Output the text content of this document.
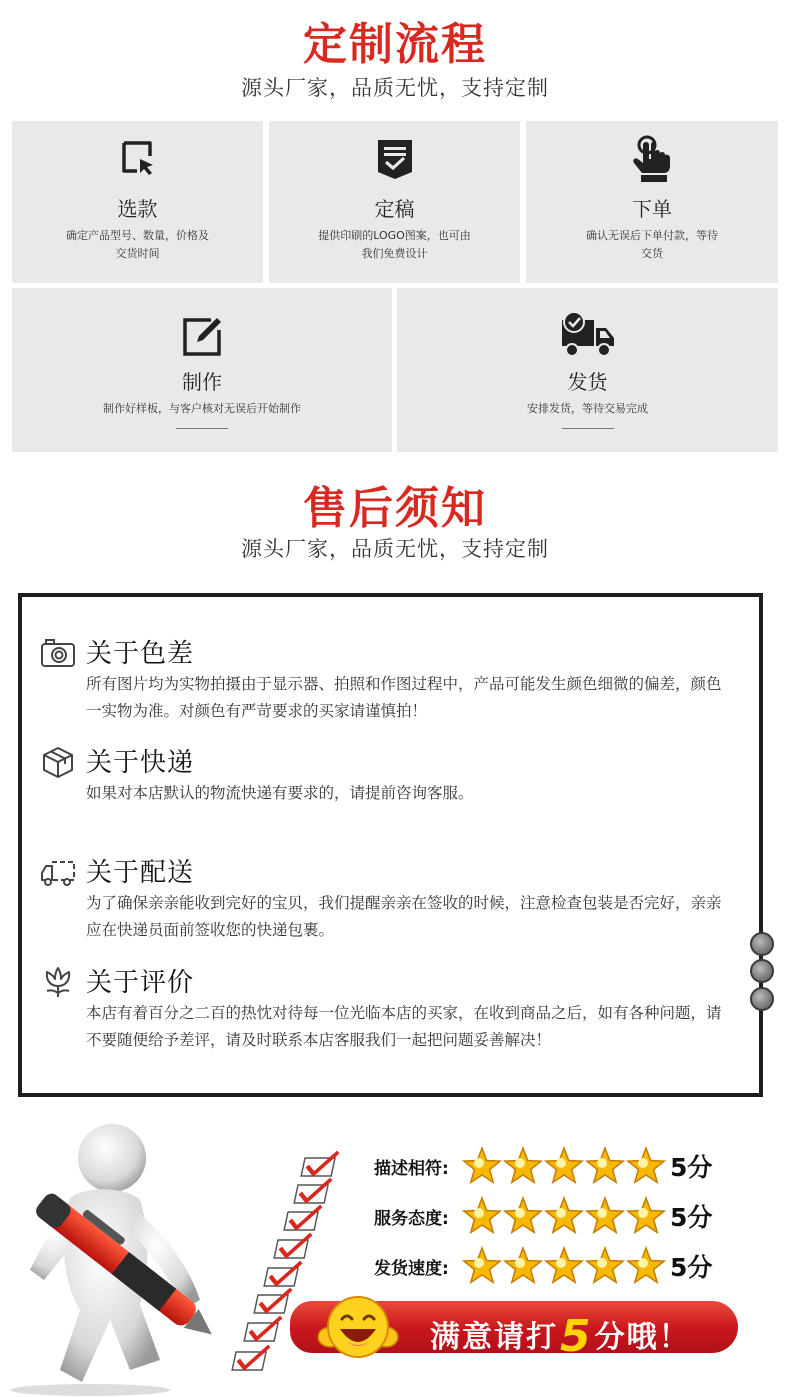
定制流程
源头厂家，品质无忧，支持定制
选款
确定产品型号、数量，价格及交货时间
定稿
提供印刷的LOGO图案，也可由我们免费设计
下单
确认无误后下单付款，等待交货
制作
制作好样板，与客户核对无误后开始制作
发货
安排发货，等待交易完成
售后须知
源头厂家，品质无忧，支持定制
关于色差
所有图片均为实物拍摄由于显示器、拍照和作图过程中，产品可能发生颜色细微的偏差，颜色一实物为准。对颜色有严苛要求的买家请谨慎拍！
关于快递
如果对本店默认的物流快递有要求的，请提前咨询客服。
关于配送
为了确保亲亲能收到完好的宝贝，我们提醒亲亲在签收的时候，注意检查包装是否完好，亲亲应在快递员面前签收您的快递包裹。
关于评价
本店有着百分之二百的热忱对待每一位光临本店的买家，在收到商品之后，如有各种问题，请不要随便给予差评，请及时联系本店客服我们一起把问题妥善解决！
描述相符:	5分
服务态度:	5分
发货速度:	5分
满意请打5分哦！
